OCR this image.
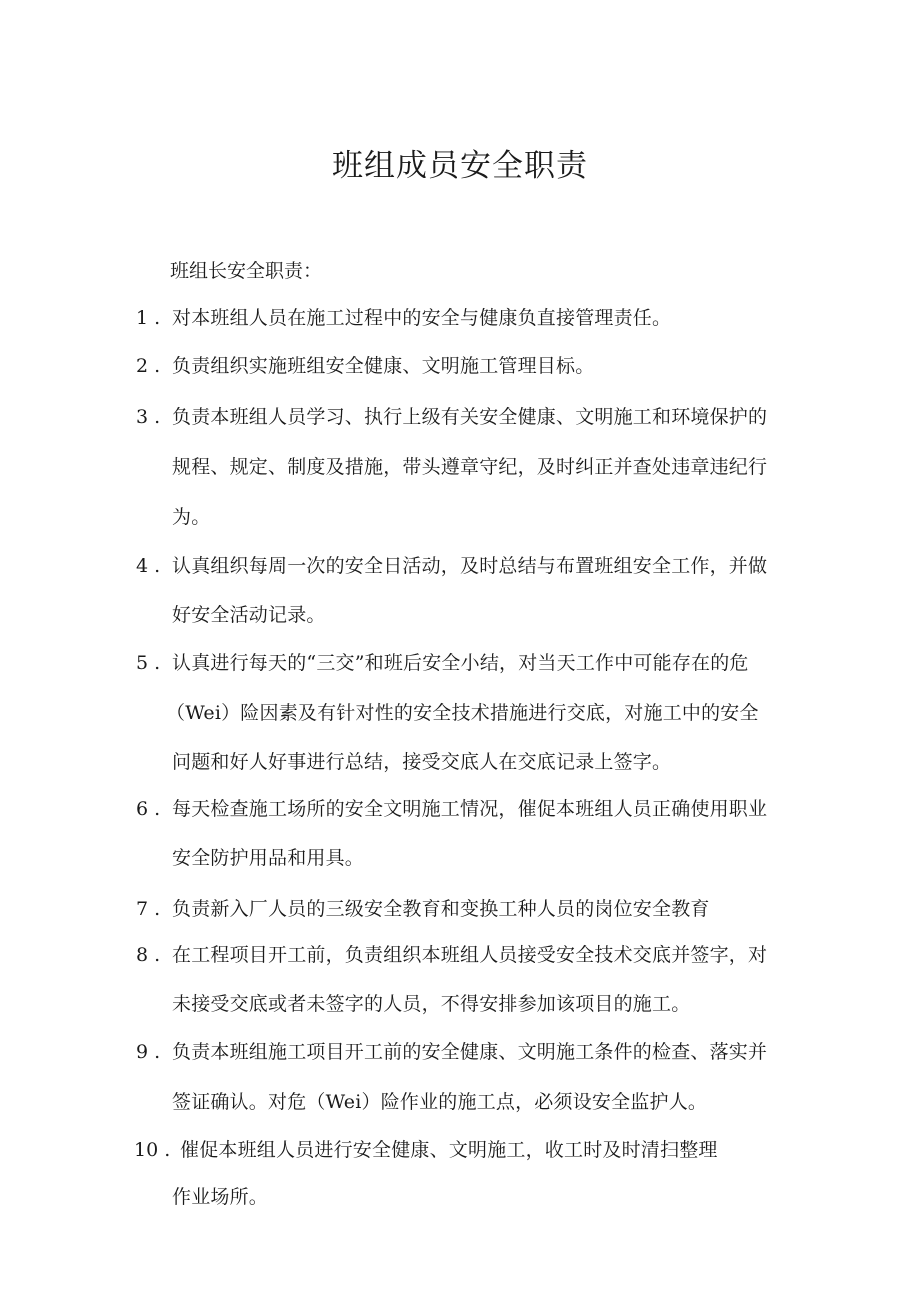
班组成员安全职责
班组长安全职责：
1 . 对本班组人员在施工过程中的安全与健康负直接管理责任。
2 . 负责组织实施班组安全健康、文明施工管理目标。
3 . 负责本班组人员学习、执行上级有关安全健康、文明施工和环境保护的
规程、规定、制度及措施，带头遵章守纪，及时纠正并查处违章违纪行
为。
4 . 认真组织每周一次的安全日活动，及时总结与布置班组安全工作，并做
好安全活动记录。
5 . 认真进行每天的“三交”和班后安全小结，对当天工作中可能存在的危
（Wei）险因素及有针对性的安全技术措施进行交底，对施工中的安全
问题和好人好事进行总结，接受交底人在交底记录上签字。
6 . 每天检查施工场所的安全文明施工情况，催促本班组人员正确使用职业
安全防护用品和用具。
7 . 负责新入厂人员的三级安全教育和变换工种人员的岗位安全教育
8 . 在工程项目开工前，负责组织本班组人员接受安全技术交底并签字，对
未接受交底或者未签字的人员，不得安排参加该项目的施工。
9 . 负责本班组施工项目开工前的安全健康、文明施工条件的检查、落实并
签证确认。对危（Wei）险作业的施工点，必须设安全监护人。
10 . 催促本班组人员进行安全健康、文明施工，收工时及时清扫整理
作业场所。
